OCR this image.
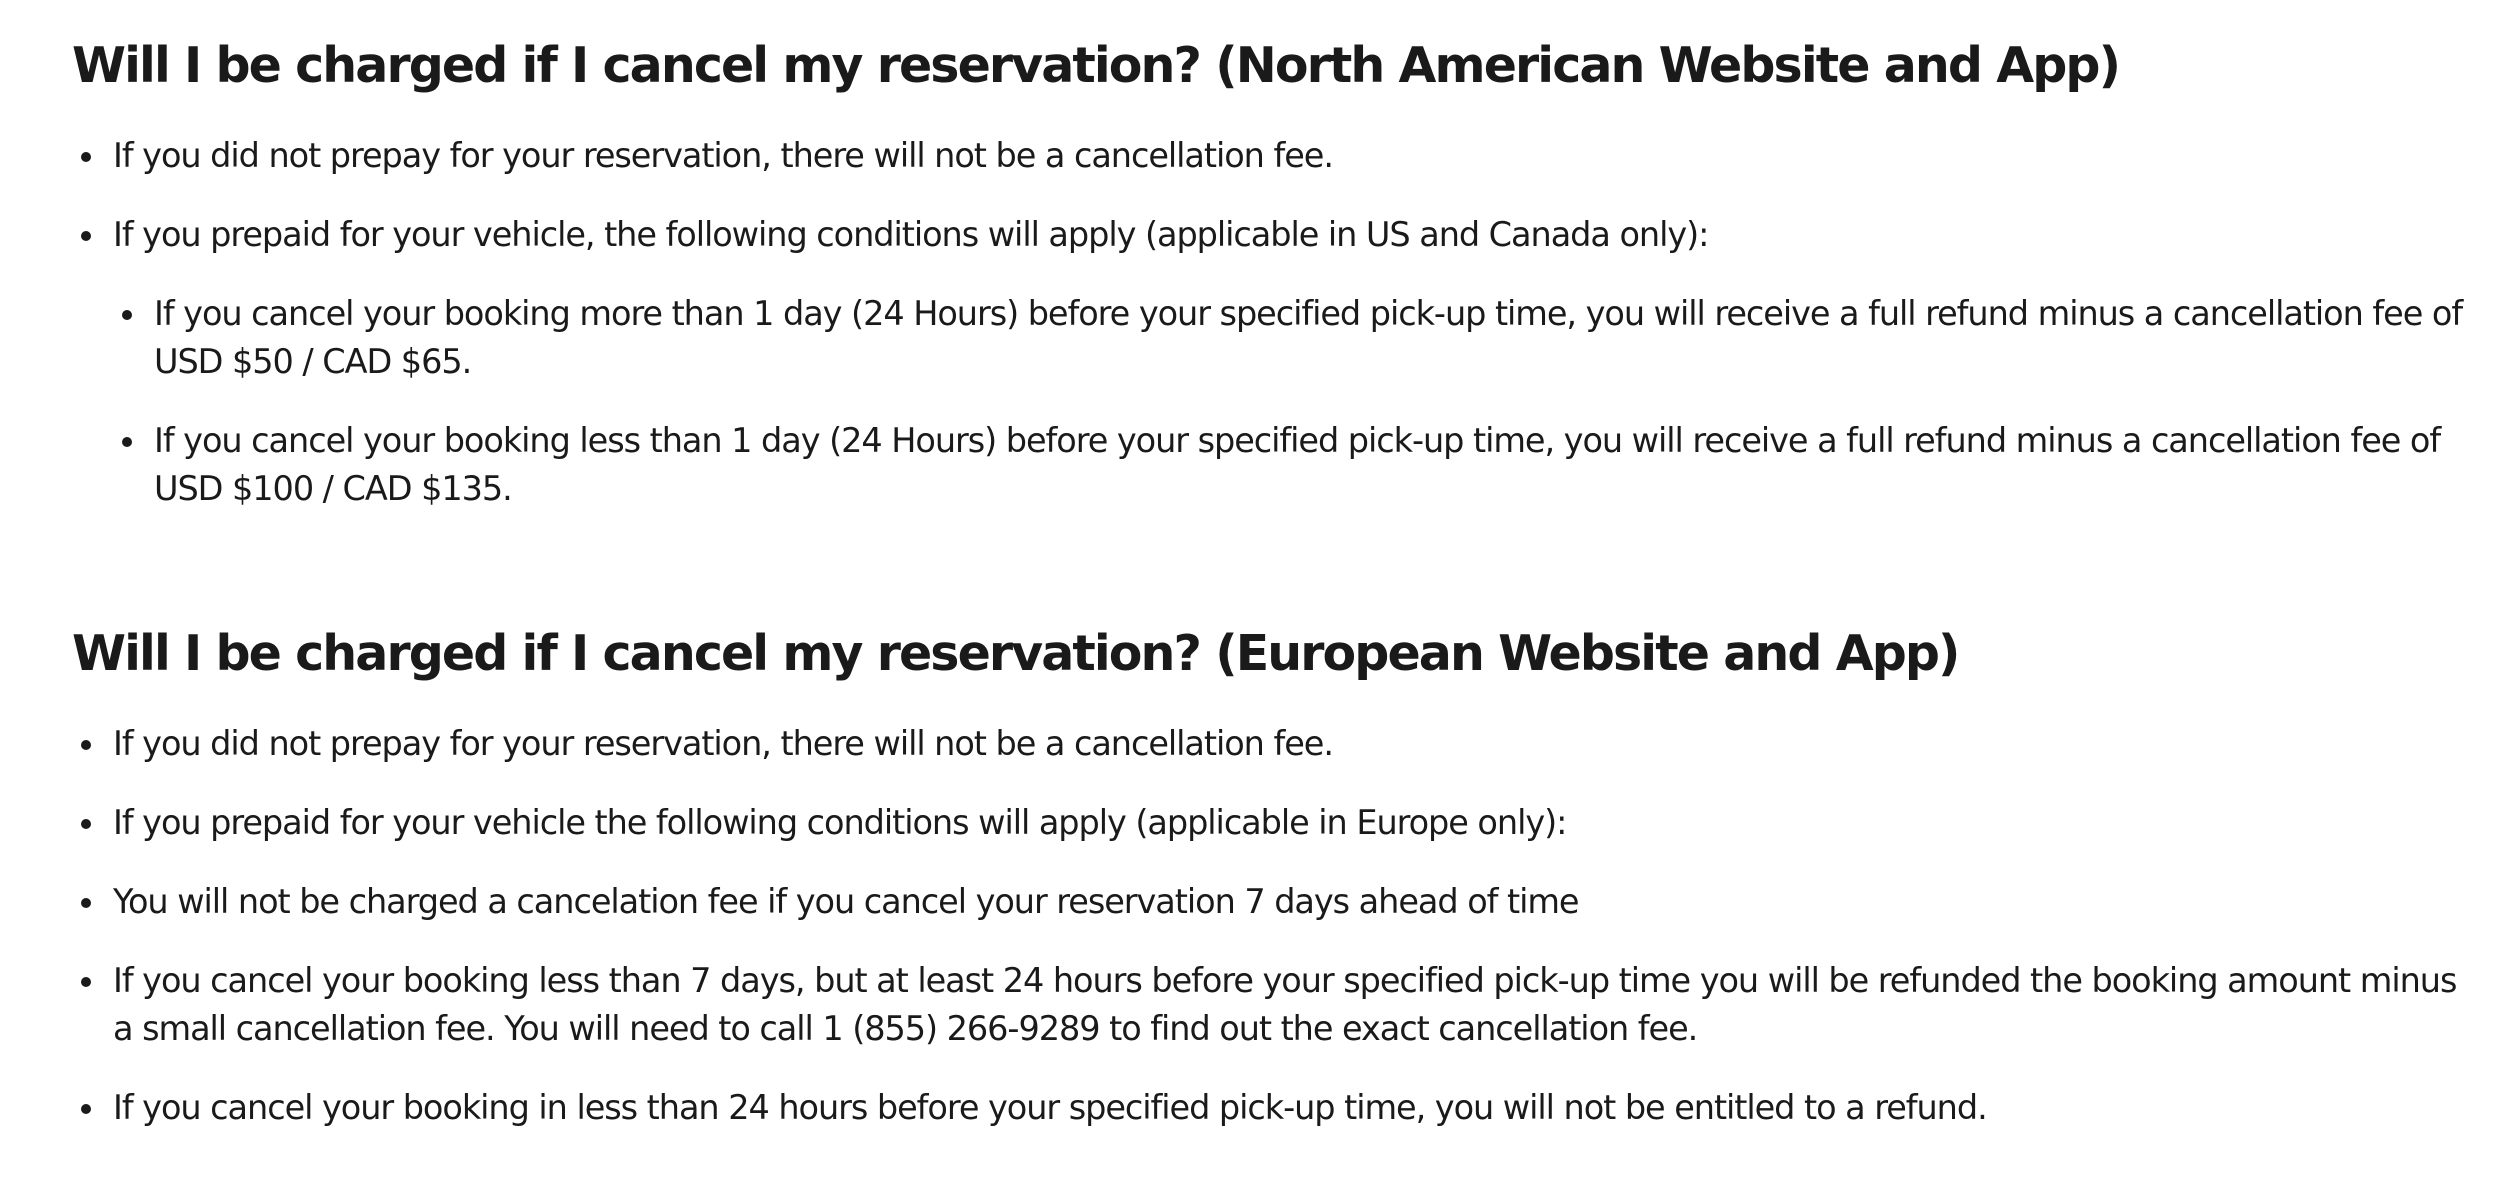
Will I be charged if I cancel my reservation? (North American Website and App)
If you did not prepay for your reservation, there will not be a cancellation fee.
If you prepaid for your vehicle, the following conditions will apply (applicable in US and Canada only):
If you cancel your booking more than 1 day (24 Hours) before your specified pick-up time, you will receive a full refund minus a cancellation fee of USD $50 / CAD $65.
If you cancel your booking less than 1 day (24 Hours) before your specified pick-up time, you will receive a full refund minus a cancellation fee of USD $100 / CAD $135.
Will I be charged if I cancel my reservation? (European Website and App)
If you did not prepay for your reservation, there will not be a cancellation fee.
If you prepaid for your vehicle the following conditions will apply (applicable in Europe only):
You will not be charged a cancelation fee if you cancel your reservation 7 days ahead of time
If you cancel your booking less than 7 days, but at least 24 hours before your specified pick-up time you will be refunded the booking amount minus a small cancellation fee. You will need to call 1 (855) 266-9289 to find out the exact cancellation fee.
If you cancel your booking in less than 24 hours before your specified pick-up time, you will not be entitled to a refund.
